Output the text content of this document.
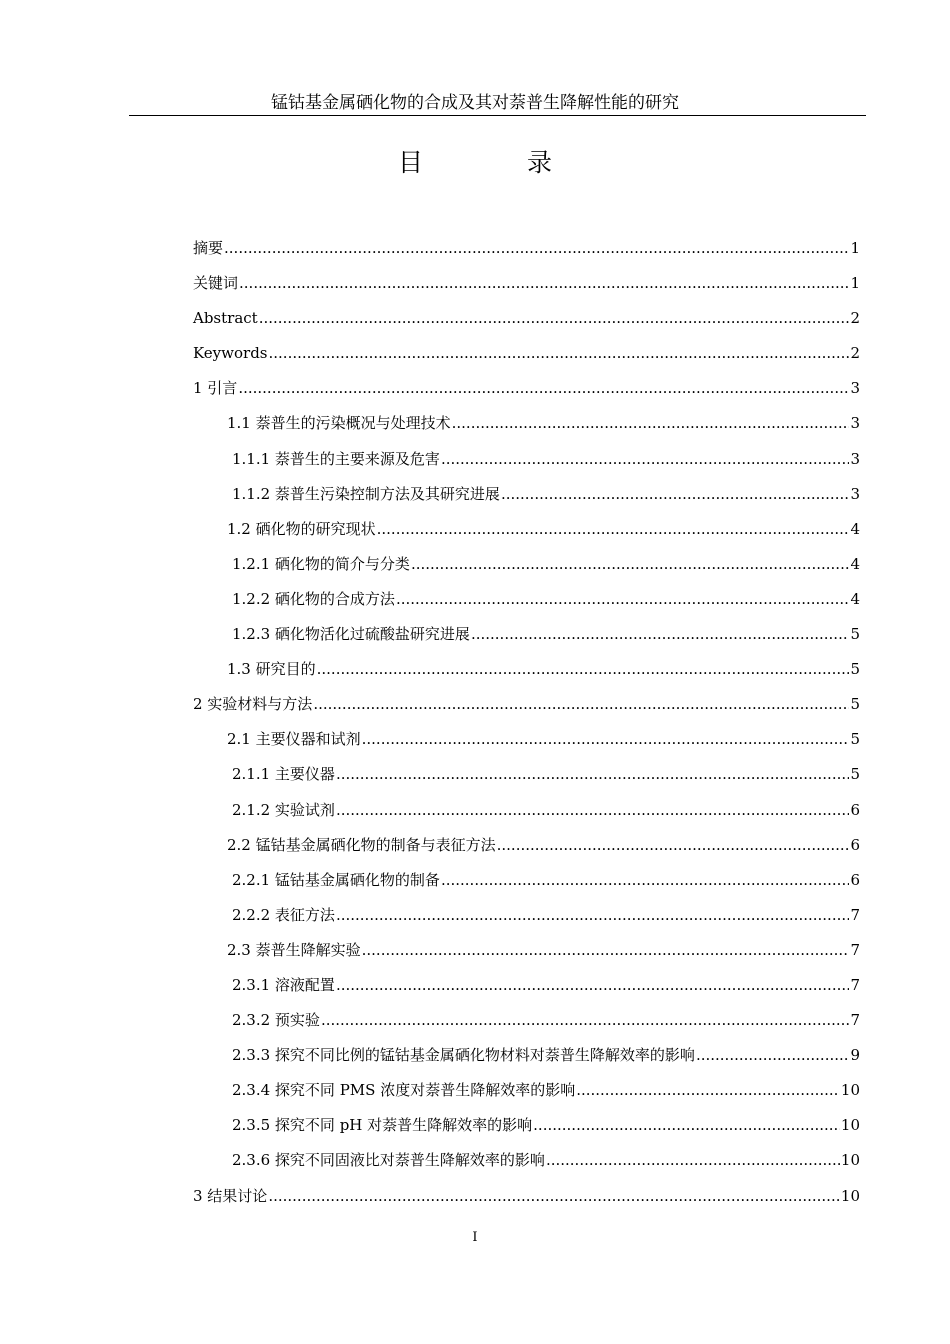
锰钴基金属硒化物的合成及其对萘普生降解性能的研究
目 录
摘要 .....	1
关键词 .....	1
Abstract .....	2
Keywords .....	2
1 引言 .....	3
1.1 萘普生的污染概况与处理技术 .....	3
1.1.1 萘普生的主要来源及危害 .....	3
1.1.2 萘普生污染控制方法及其研究进展 .....	3
1.2 硒化物的研究现状 .....	4
1.2.1 硒化物的简介与分类 .....	4
1.2.2 硒化物的合成方法 .....	4
1.2.3 硒化物活化过硫酸盐研究进展 .....	5
1.3 研究目的 .....	5
2 实验材料与方法 .....	5
2.1 主要仪器和试剂 .....	5
2.1.1 主要仪器 .....	5
2.1.2 实验试剂 .....	6
2.2 锰钴基金属硒化物的制备与表征方法 .....	6
2.2.1 锰钴基金属硒化物的制备 .....	6
2.2.2 表征方法 .....	7
2.3 萘普生降解实验 .....	7
2.3.1 溶液配置 .....	7
2.3.2 预实验 .....	7
2.3.3 探究不同比例的锰钴基金属硒化物材料对萘普生降解效率的影响 .....	9
2.3.4 探究不同 PMS 浓度对萘普生降解效率的影响 .....	10
2.3.5 探究不同 pH 对萘普生降解效率的影响 .....	10
2.3.6 探究不同固液比对萘普生降解效率的影响 .....	10
3 结果讨论 .....	10
I
